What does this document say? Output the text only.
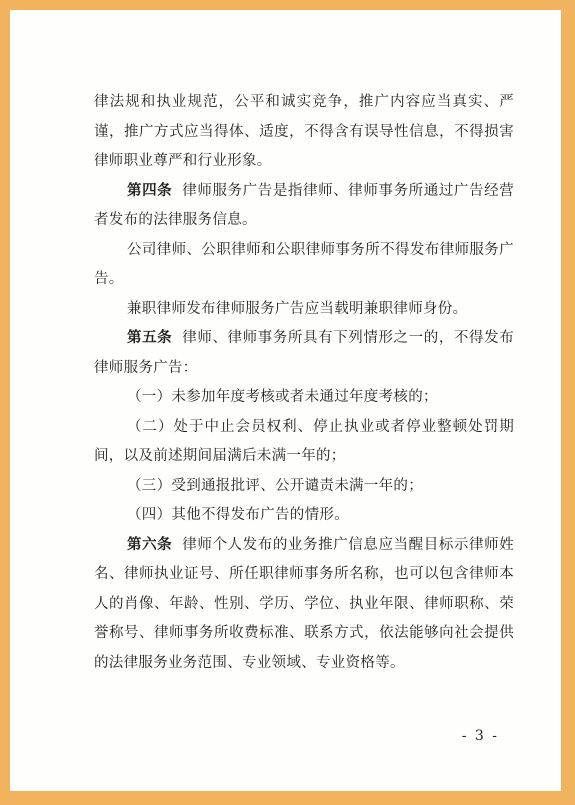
律法规和执业规范，公平和诚实竞争，推广内容应当真实、严谨，推广方式应当得体、适度，不得含有误导性信息，不得损害律师职业尊严和行业形象。

第四条 律师服务广告是指律师、律师事务所通过广告经营者发布的法律服务信息。

公司律师、公职律师和公职律师事务所不得发布律师服务广告。

兼职律师发布律师服务广告应当载明兼职律师身份。

第五条 律师、律师事务所具有下列情形之一的，不得发布律师服务广告：

（一）未参加年度考核或者未通过年度考核的；

（二）处于中止会员权利、停止执业或者停业整顿处罚期间，以及前述期间届满后未满一年的；

（三）受到通报批评、公开谴责未满一年的；

（四）其他不得发布广告的情形。

第六条 律师个人发布的业务推广信息应当醒目标示律师姓名、律师执业证号、所任职律师事务所名称，也可以包含律师本人的肖像、年龄、性别、学历、学位、执业年限、律师职称、荣誉称号、律师事务所收费标准、联系方式，依法能够向社会提供的法律服务业务范围、专业领域、专业资格等。

- 3 -
